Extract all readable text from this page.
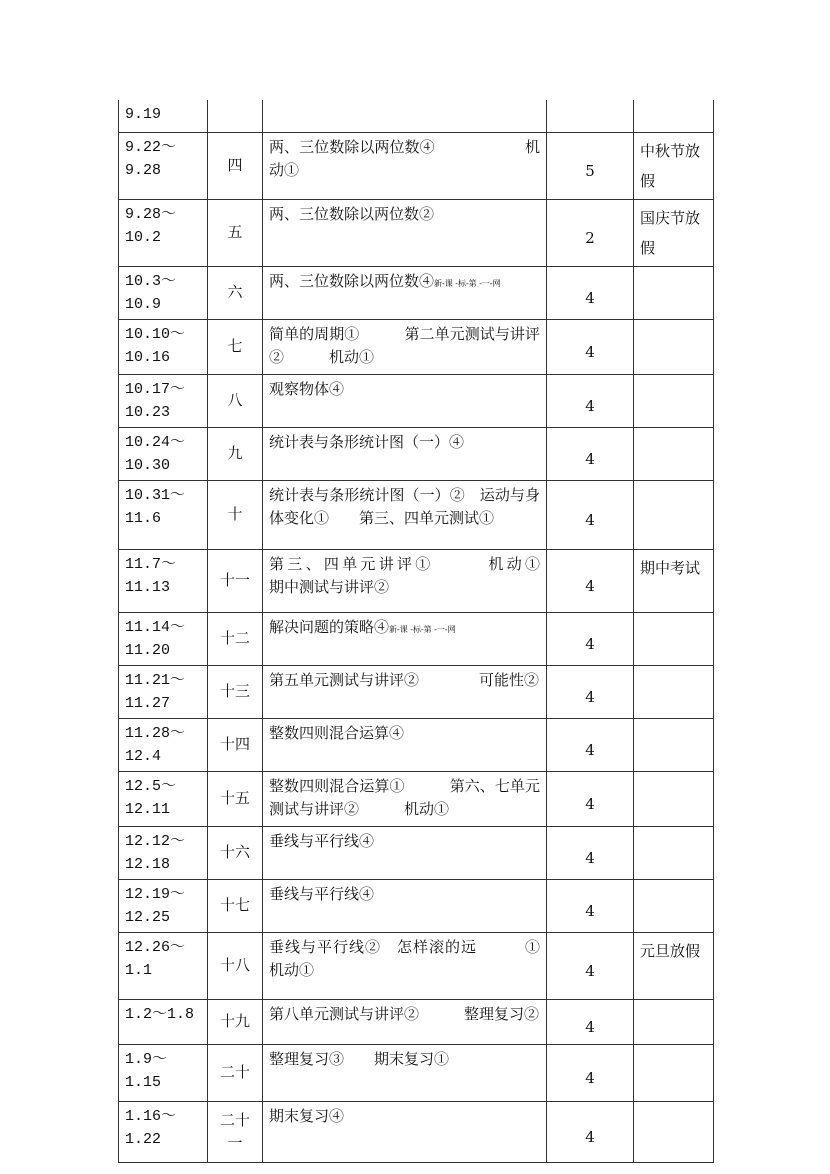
9.19				
9.22～ 9.28	四	两、三位数除以两位数④　　　　　　机动①	5	中秋节放假
9.28～ 10.2	五	两、三位数除以两位数②	2	国庆节放假
10.3～ 10.9	六	两、三位数除以两位数④新-课 -标-第 -一-网	4	
10.10～ 10.16	七	简单的周期①　　　第二单元测试与讲评②　　　机动①	4	
10.17～ 10.23	八	观察物体④	4	
10.24～ 10.30	九	统计表与条形统计图（一）④	4	
10.31～ 11.6	十	统计表与条形统计图（一）②　运动与身体变化①　　第三、四单元测试①	4	
11.7～ 11.13	十一	第三、四单元讲评①　　　机动①　　　期中测试与讲评②	4	期中考试
11.14～ 11.20	十二	解决问题的策略④新-课 -标-第 -一-网	4	
11.21～ 11.27	十三	第五单元测试与讲评②　　　　可能性②	4	
11.28～ 12.4	十四	整数四则混合运算④	4	
12.5～ 12.11	十五	整数四则混合运算①　　　第六、七单元测试与讲评②　　　机动①	4	
12.12～ 12.18	十六	垂线与平行线④	4	
12.19～ 12.25	十七	垂线与平行线④	4	
12.26～ 1.1	十八	垂线与平行线②　怎样滚的远　　　①　　　机动①	4	元旦放假
1.2～1.8	十九	第八单元测试与讲评②　　　整理复习②	4	
1.9～ 1.15	二十	整理复习③　　期末复习①	4	
1.16～ 1.22	二十一	期末复习④	4	
